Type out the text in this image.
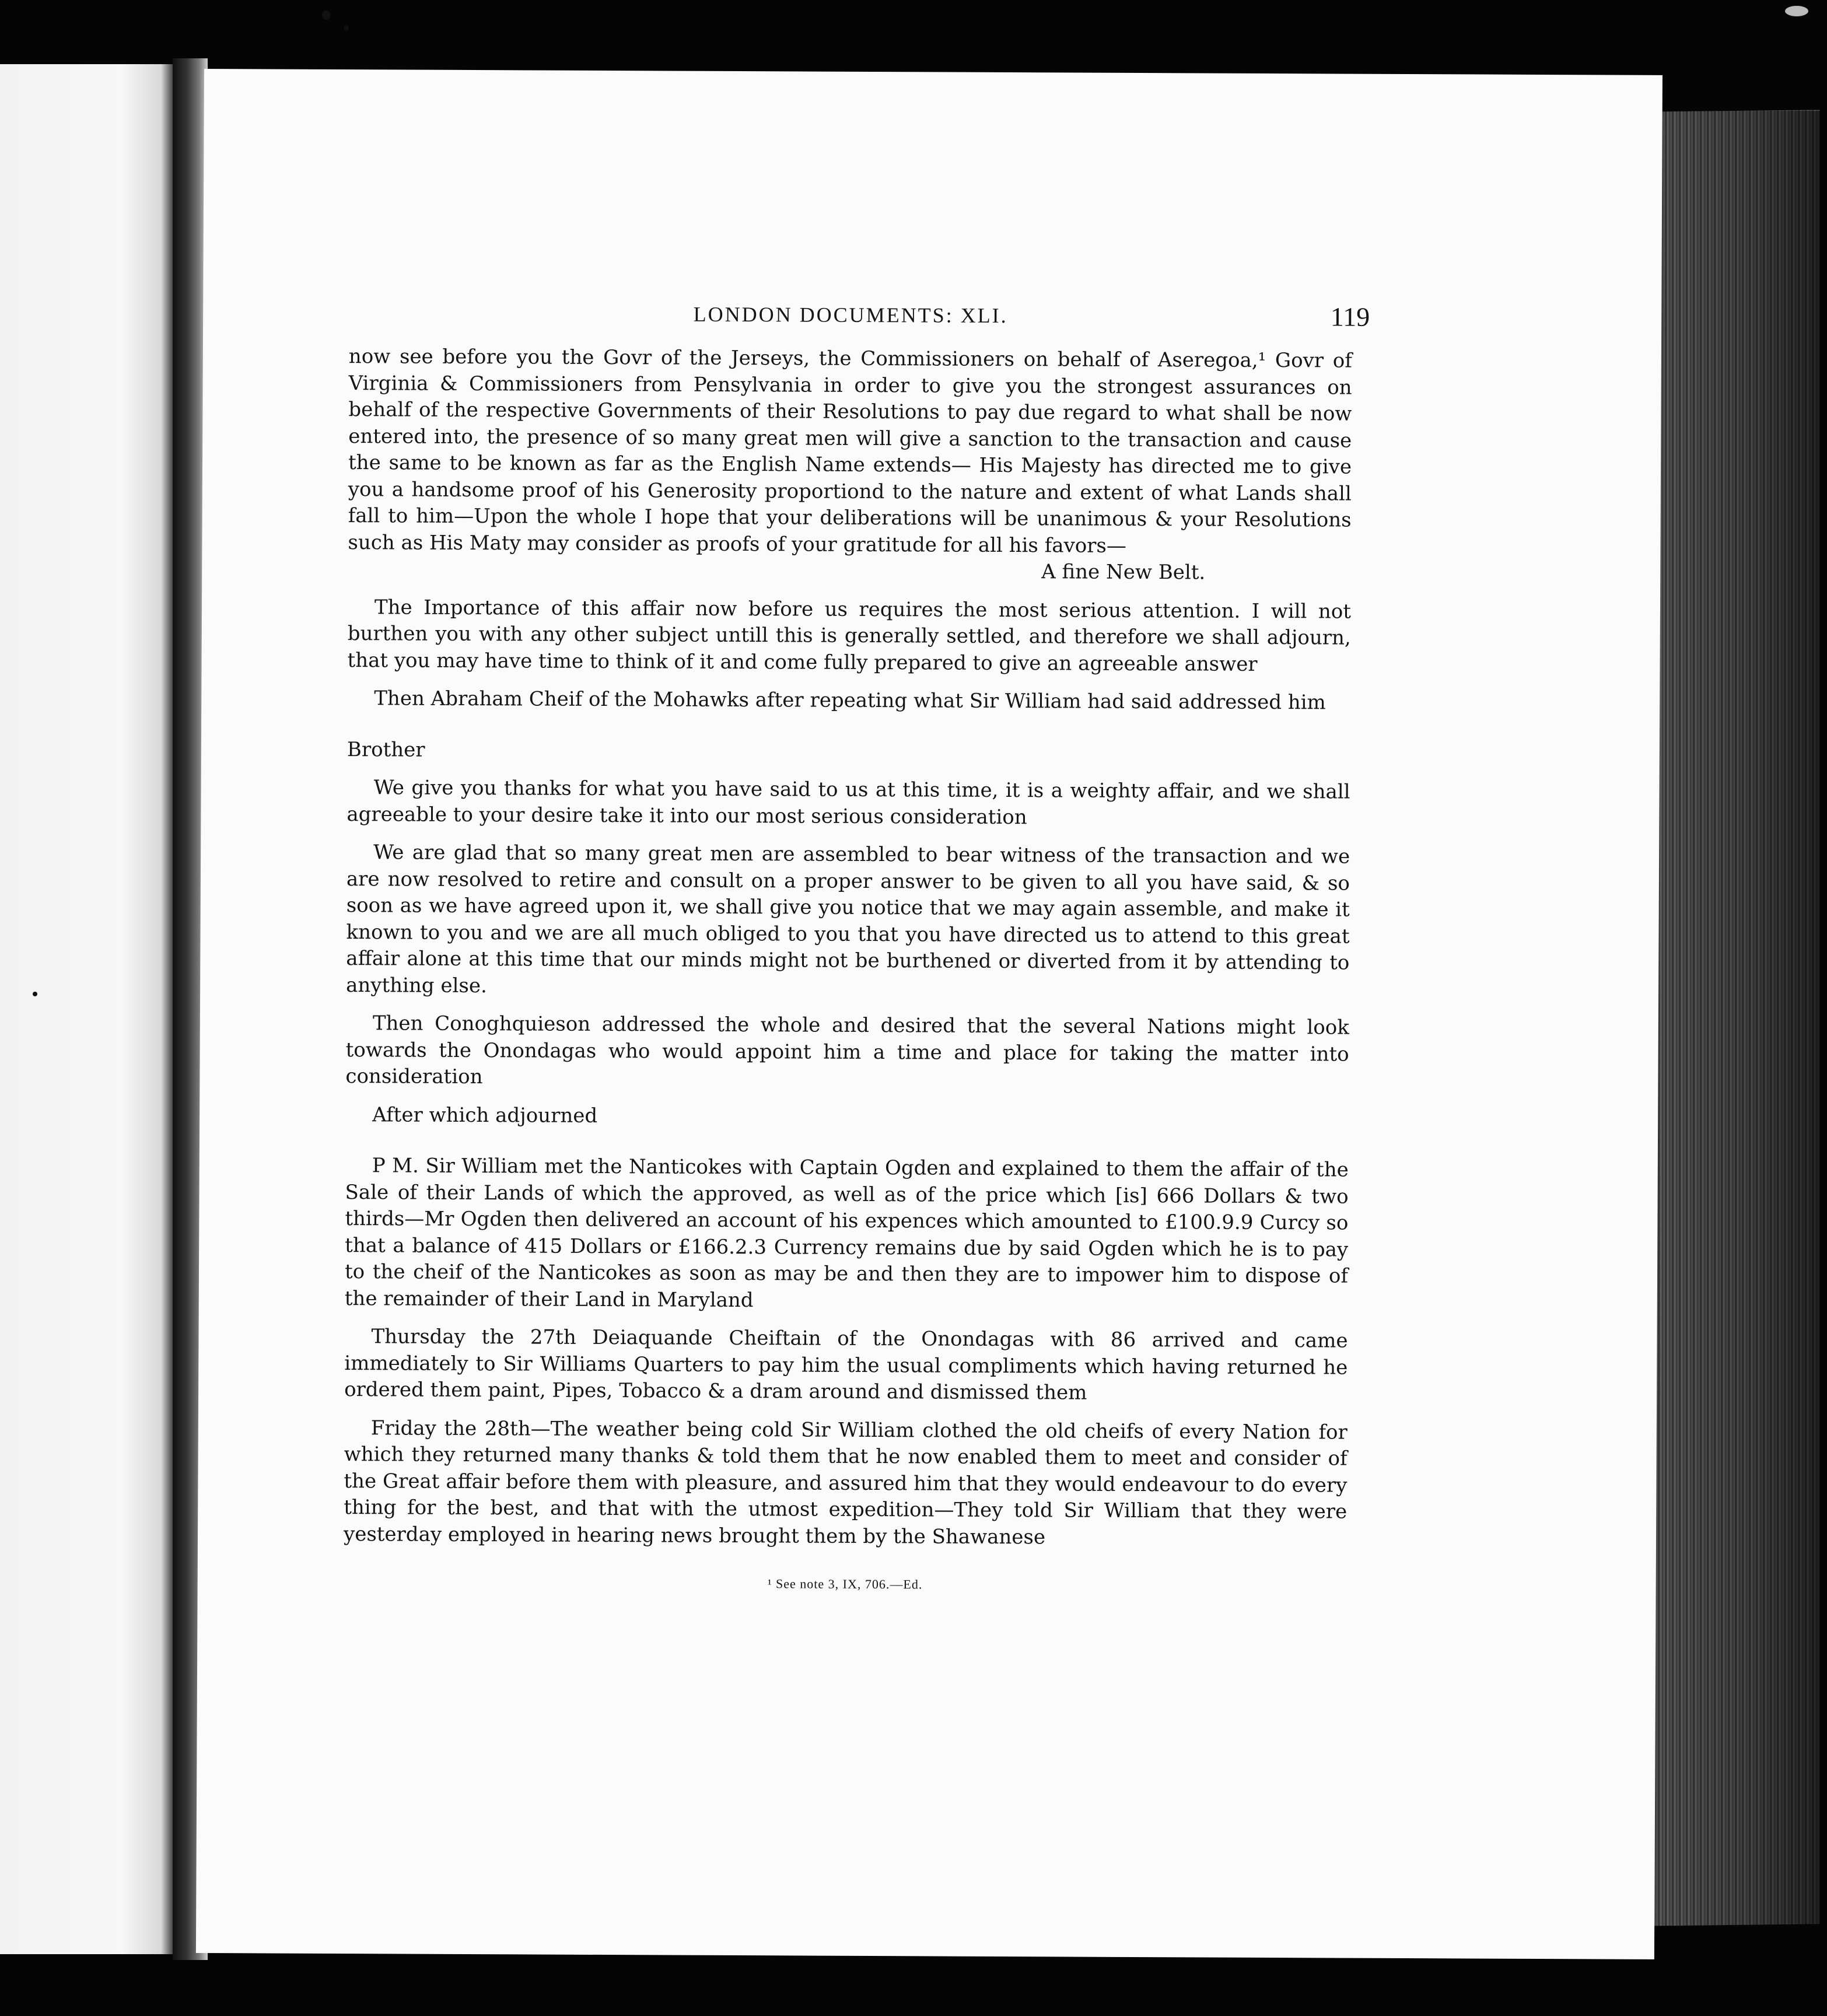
LONDON DOCUMENTS: XLI.	119

now see before you the Govr of the Jerseys, the Commissioners on behalf of Aseregoa,¹ Govr of Virginia & Commissioners from Pensylvania in order to give you the strongest assurances on behalf of the respective Governments of their Resolutions to pay due regard to what shall be now entered into, the presence of so many great men will give a sanction to the transaction and cause the same to be known as far as the English Name extends— His Majesty has directed me to give you a handsome proof of his Generosity proportiond to the nature and extent of what Lands shall fall to him—Upon the whole I hope that your deliberations will be unanimous & your Resolutions such as His Maty may consider as proofs of your gratitude for all his favors—

A fine New Belt.

The Importance of this affair now before us requires the most serious attention. I will not burthen you with any other subject untill this is generally settled, and therefore we shall adjourn, that you may have time to think of it and come fully prepared to give an agreeable answer

Then Abraham Cheif of the Mohawks after repeating what Sir William had said addressed him

Brother

We give you thanks for what you have said to us at this time, it is a weighty affair, and we shall agreeable to your desire take it into our most serious consideration

We are glad that so many great men are assembled to bear witness of the transaction and we are now resolved to retire and consult on a proper answer to be given to all you have said, & so soon as we have agreed upon it, we shall give you notice that we may again assemble, and make it known to you and we are all much obliged to you that you have directed us to attend to this great affair alone at this time that our minds might not be burthened or diverted from it by attending to anything else.

Then Conoghquieson addressed the whole and desired that the several Nations might look towards the Onondagas who would appoint him a time and place for taking the matter into consideration

After which adjourned

P M. Sir William met the Nanticokes with Captain Ogden and explained to them the affair of the Sale of their Lands of which the approved, as well as of the price which [is] 666 Dollars & two thirds—Mr Ogden then delivered an account of his expences which amounted to £100.9.9 Curcy so that a balance of 415 Dollars or £166.2.3 Currency remains due by said Ogden which he is to pay to the cheif of the Nanticokes as soon as may be and then they are to impower him to dispose of the remainder of their Land in Maryland

Thursday the 27th Deiaquande Cheiftain of the Onondagas with 86 arrived and came immediately to Sir Williams Quarters to pay him the usual compliments which having returned he ordered them paint, Pipes, Tobacco & a dram around and dismissed them

Friday the 28th—The weather being cold Sir William clothed the old cheifs of every Nation for which they returned many thanks & told them that he now enabled them to meet and consider of the Great affair before them with pleasure, and assured him that they would endeavour to do every thing for the best, and that with the utmost expedition—They told Sir William that they were yesterday employed in hearing news brought them by the Shawanese

¹ See note 3, IX, 706.—Ed.
